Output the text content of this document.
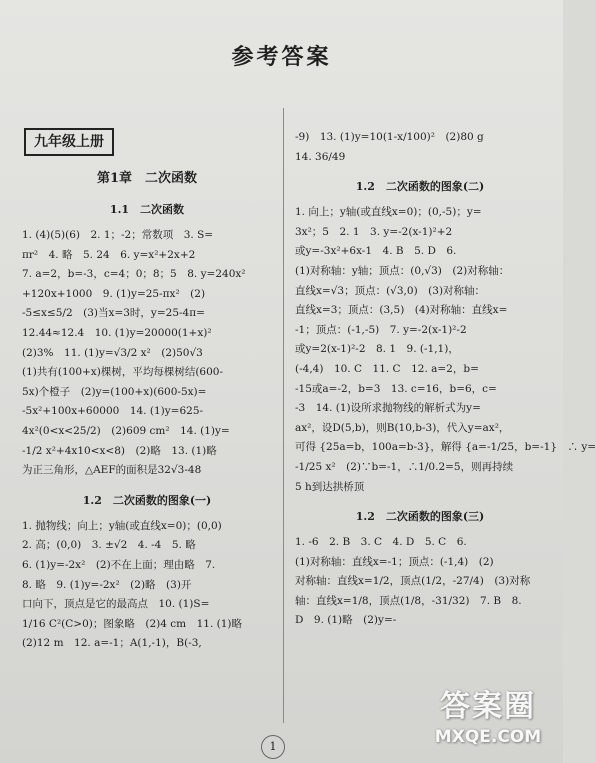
参考答案
九年级上册
第1章　二次函数
1.1　二次函数
1. (4)(5)(6)　2. 1；-2；常数项　3. S=
πr²　4. 略　5. 24　6. y=x²+2x+2
7. a=2，b=-3，c=4；0；8；5　8. y=240x²
+120x+1000　9. (1)y=25-πx²　(2)
-5≤x≤5/2　(3)当x=3时，y=25-4π=
12.44≈12.4　10. (1)y=20000(1+x)²
(2)3%　11. (1)y=√3/2 x²　(2)50√3
(1)共有(100+x)棵树，平均每棵树结(600-
5x)个橙子　(2)y=(100+x)(600-5x)=
-5x²+100x+60000　14. (1)y=625-
4x²(0<x<25/2)　(2)609 cm²　14. (1)y=
-1/2 x²+4x10<x<8)　(2)略　13. (1)略
为正三角形，△AEF的面积是32√3-48
1.2　二次函数的图象(一)
1. 抛物线；向上；y轴(或直线x=0)；(0,0)
2. 高；(0,0)　3. ±√2　4. -4　5. 略
6. (1)y=-2x²　(2)不在上面；理由略　7.
8. 略　9. (1)y=-2x²　(2)略　(3)开
口向下，顶点是它的最高点　10. (1)S=
1/16 C²(C>0)；图象略　(2)4 cm　11. (1)略
(2)12 m　12. a=-1；A(1,-1)，B(-3,
-9)　13. (1)y=10(1-x/100)²　(2)80 g
14. 36/49
1.2　二次函数的图象(二)
1. 向上；y轴(或直线x=0)；(0,-5)；y=
3x²；5　2. 1　3. y=-2(x-1)²+2
或y=-3x²+6x-1　4. B　5. D　6.
(1)对称轴：y轴；顶点：(0,√3)　(2)对称轴：
直线x=√3；顶点：(√3,0)　(3)对称轴：
直线x=3；顶点：(3,5)　(4)对称轴：直线x=
-1；顶点：(-1,-5)　7. y=-2(x-1)²-2
或y=2(x-1)²-2　8. 1　9. (-1,1)，
(-4,4)　10. C　11. C　12. a=2，b=
-15或a=-2，b=3　13. c=16，b=6，c=
-3　14. (1)设所求抛物线的解析式为y=
ax²，设D(5,b)，则B(10,b-3)，代入y=ax²，
可得 {25a=b，100a=b-3}，解得 {a=-1/25，b=-1}　∴ y=
-1/25 x²　(2)∵b=-1，∴1/0.2=5，则再持续
5 h到达拱桥顶
1.2　二次函数的图象(三)
1. -6　2. B　3. C　4. D　5. C　6.
(1)对称轴：直线x=-1；顶点：(-1,4)　(2)
对称轴：直线x=1/2，顶点(1/2，-27/4)　(3)对称
轴：直线x=1/8，顶点(1/8，-31/32)　7. B　8.
D　9. (1)略　(2)y=-
1
答案圈
MXQE.COM
